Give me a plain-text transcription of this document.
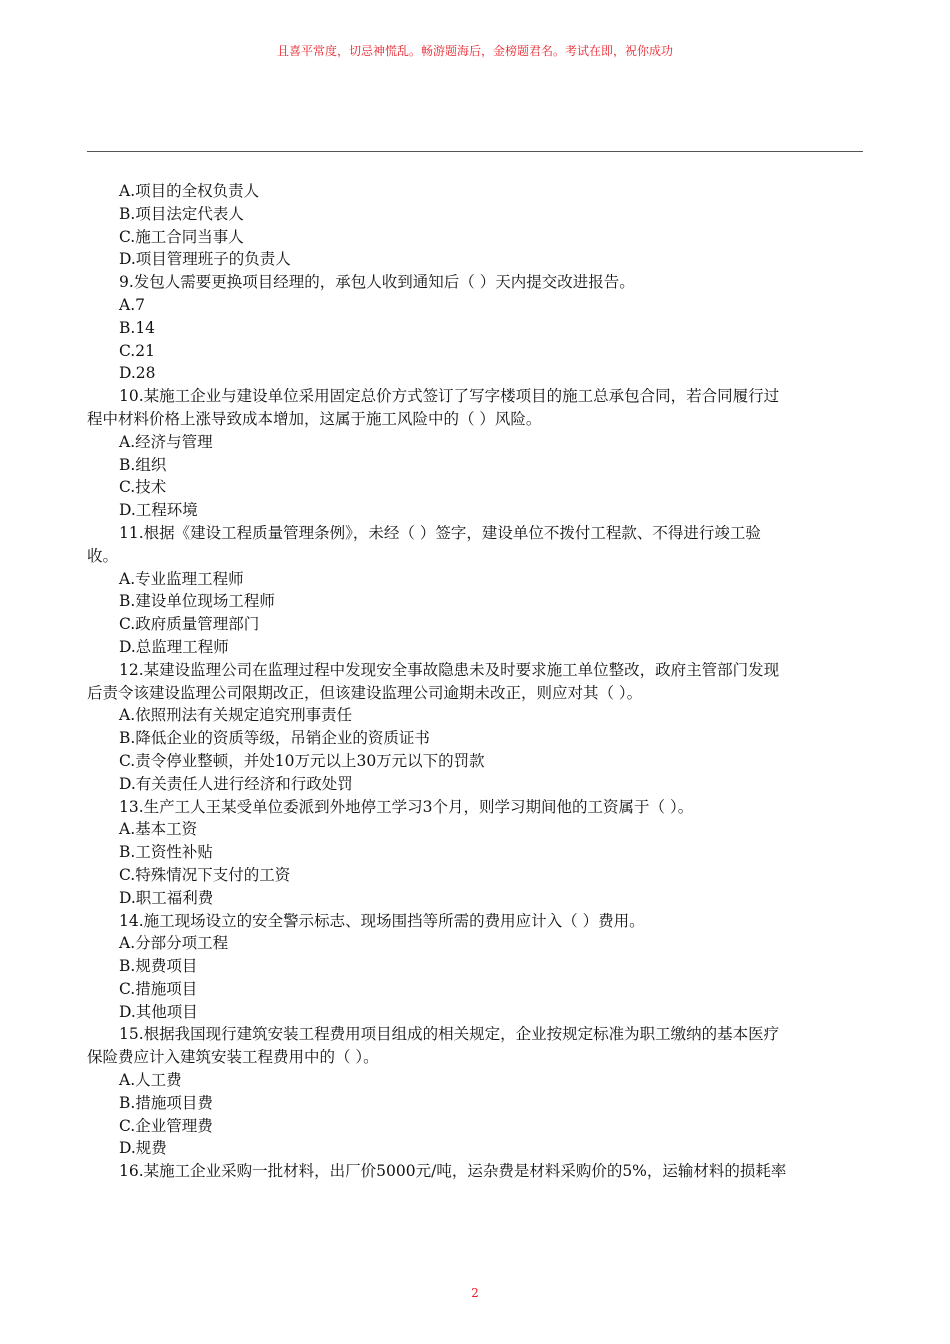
且喜平常度，切忌神慌乱。畅游题海后，金榜题君名。考试在即，祝你成功
A.项目的全权负责人
B.项目法定代表人
C.施工合同当事人
D.项目管理班子的负责人
9.发包人需要更换项目经理的，承包人收到通知后（ ）天内提交改进报告。
A.7
B.14
C.21
D.28
10.某施工企业与建设单位采用固定总价方式签订了写字楼项目的施工总承包合同，若合同履行过
程中材料价格上涨导致成本增加，这属于施工风险中的（ ）风险。
A.经济与管理
B.组织
C.技术
D.工程环境
11.根据《建设工程质量管理条例》，未经（ ）签字，建设单位不拨付工程款、不得进行竣工验
收。
A.专业监理工程师
B.建设单位现场工程师
C.政府质量管理部门
D.总监理工程师
12.某建设监理公司在监理过程中发现安全事故隐患未及时要求施工单位整改，政府主管部门发现
后责令该建设监理公司限期改正，但该建设监理公司逾期未改正，则应对其（ ）。
A.依照刑法有关规定追究刑事责任
B.降低企业的资质等级，吊销企业的资质证书
C.责令停业整顿，并处10万元以上30万元以下的罚款
D.有关责任人进行经济和行政处罚
13.生产工人王某受单位委派到外地停工学习3个月，则学习期间他的工资属于（ ）。
A.基本工资
B.工资性补贴
C.特殊情况下支付的工资
D.职工福利费
14.施工现场设立的安全警示标志、现场围挡等所需的费用应计入（ ）费用。
A.分部分项工程
B.规费项目
C.措施项目
D.其他项目
15.根据我国现行建筑安装工程费用项目组成的相关规定，企业按规定标准为职工缴纳的基本医疗
保险费应计入建筑安装工程费用中的（ ）。
A.人工费
B.措施项目费
C.企业管理费
D.规费
16.某施工企业采购一批材料，出厂价5000元/吨，运杂费是材料采购价的5%，运输材料的损耗率
2
